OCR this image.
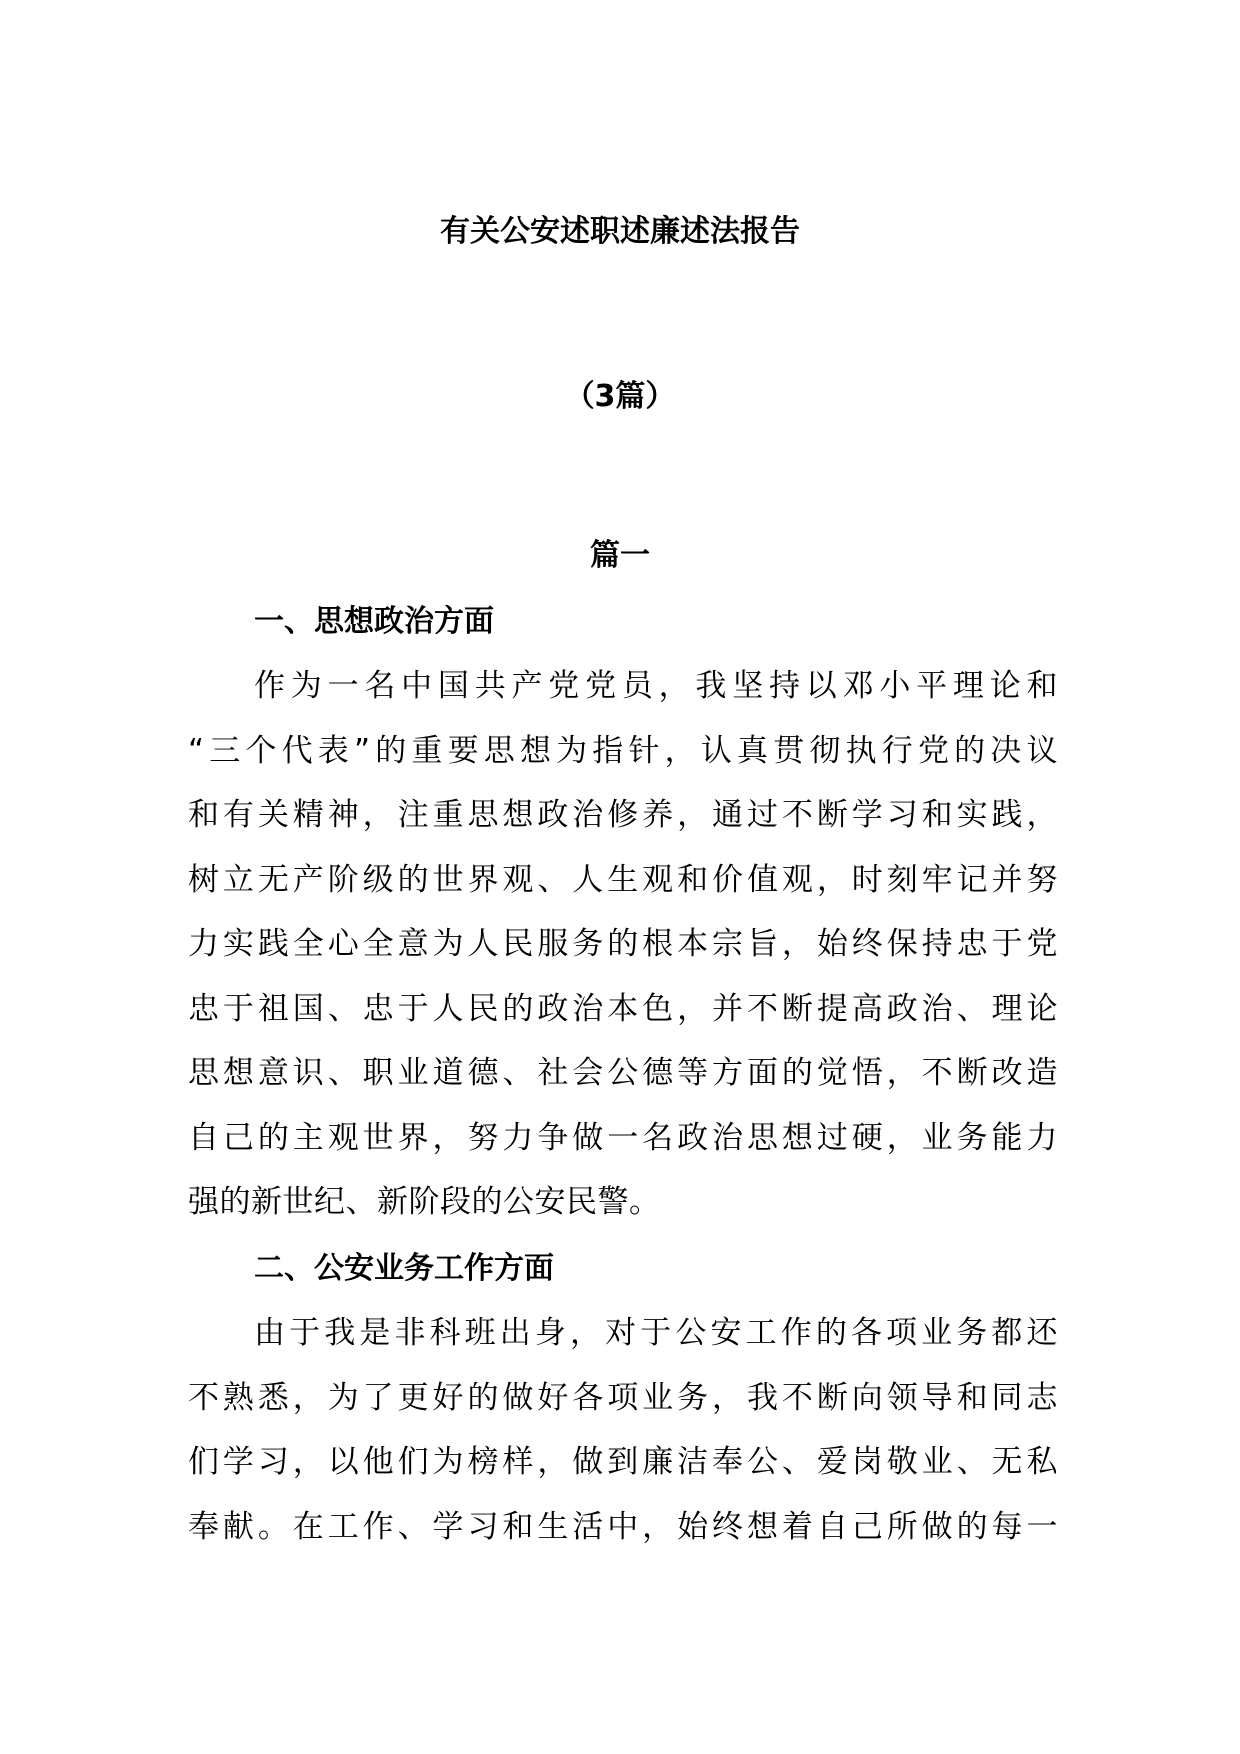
有关公安述职述廉述法报告
（3篇）
篇一
一、思想政治方面
作为一名中国共产党党员，我坚持以邓小平理论和
“三个代表”的重要思想为指针，认真贯彻执行党的决议
和有关精神，注重思想政治修养，通过不断学习和实践，
树立无产阶级的世界观、人生观和价值观，时刻牢记并努
力实践全心全意为人民服务的根本宗旨，始终保持忠于党
忠于祖国、忠于人民的政治本色，并不断提高政治、理论
思想意识、职业道德、社会公德等方面的觉悟，不断改造
自己的主观世界，努力争做一名政治思想过硬，业务能力
强的新世纪、新阶段的公安民警。
二、公安业务工作方面
由于我是非科班出身，对于公安工作的各项业务都还
不熟悉，为了更好的做好各项业务，我不断向领导和同志
们学习，以他们为榜样，做到廉洁奉公、爱岗敬业、无私
奉献。在工作、学习和生活中，始终想着自己所做的每一
